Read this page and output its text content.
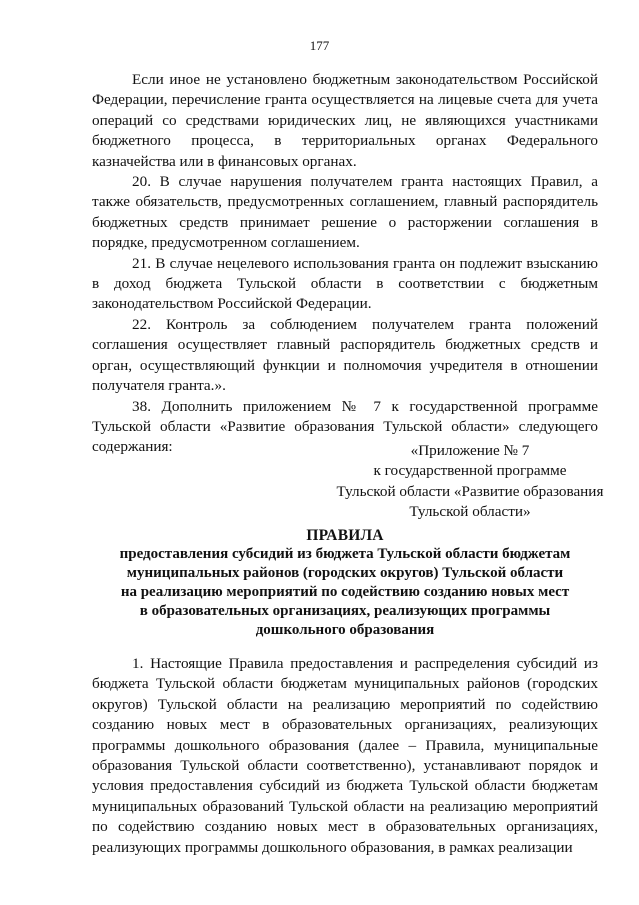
177

Если иное не установлено бюджетным законодательством Российской Федерации, перечисление гранта осуществляется на лицевые счета для учета операций со средствами юридических лиц, не являющихся участниками бюджетного процесса, в территориальных органах Федерального казначейства или в финансовых органах.

20. В случае нарушения получателем гранта настоящих Правил, а также обязательств, предусмотренных соглашением, главный распорядитель бюджетных средств принимает решение о расторжении соглашения в порядке, предусмотренном соглашением.

21. В случае нецелевого использования гранта он подлежит взысканию в доход бюджета Тульской области в соответствии с бюджетным законодательством Российской Федерации.

22. Контроль за соблюдением получателем гранта положений соглашения осуществляет главный распорядитель бюджетных средств и орган, осуществляющий функции и полномочия учредителя в отношении получателя гранта.».

38. Дополнить приложением № 7 к государственной программе Тульской области «Развитие образования Тульской области» следующего содержания:	«Приложение № 7
к государственной программе
Тульской области «Развитие образования
Тульской области»
ПРАВИЛА
предоставления субсидий из бюджета Тульской области бюджетам
муниципальных районов (городских округов) Тульской области
на реализацию мероприятий по содействию созданию новых мест
в образовательных организациях, реализующих программы
дошкольного образования

1. Настоящие Правила предоставления и распределения субсидий из бюджета Тульской области бюджетам муниципальных районов (городских округов) Тульской области на реализацию мероприятий по содействию созданию новых мест в образовательных организациях, реализующих программы дошкольного образования (далее – Правила, муниципальные образования Тульской области соответственно), устанавливают порядок и условия предоставления субсидий из бюджета Тульской области бюджетам муниципальных образований Тульской области на реализацию мероприятий по содействию созданию новых мест в образовательных организациях, реализующих программы дошкольного образования, в рамках реализации
